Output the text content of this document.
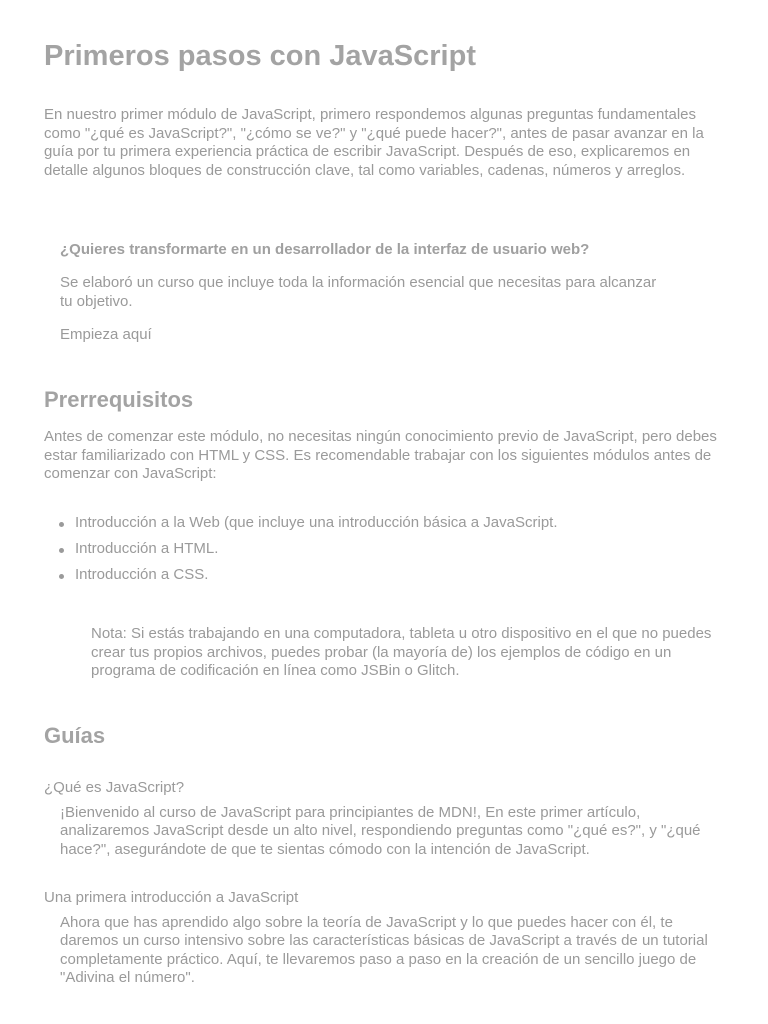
Primeros pasos con JavaScript

En nuestro primer módulo de JavaScript, primero respondemos algunas preguntas fundamentales como "¿qué es JavaScript?", "¿cómo se ve?" y "¿qué puede hacer?", antes de pasar avanzar en la guía por tu primera experiencia práctica de escribir JavaScript. Después de eso, explicaremos en detalle algunos bloques de construcción clave, tal como variables, cadenas, números y arreglos.

¿Quieres transformarte en un desarrollador de la interfaz de usuario web?

Se elaboró un curso que incluye toda la información esencial que necesitas para alcanzar tu objetivo.

Empieza aquí

Prerrequisitos

Antes de comenzar este módulo, no necesitas ningún conocimiento previo de JavaScript, pero debes estar familiarizado con HTML y CSS. Es recomendable trabajar con los siguientes módulos antes de comenzar con JavaScript:

Introducción a la Web (que incluye una introducción básica a JavaScript.
Introducción a HTML.
Introducción a CSS.

Nota: Si estás trabajando en una computadora, tableta u otro dispositivo en el que no puedes crear tus propios archivos, puedes probar (la mayoría de) los ejemplos de código en un programa de codificación en línea como JSBin o Glitch.

Guías
¿Qué es JavaScript?

¡Bienvenido al curso de JavaScript para principiantes de MDN!, En este primer artículo, analizaremos JavaScript desde un alto nivel, respondiendo preguntas como "¿qué es?", y "¿qué hace?", asegurándote de que te sientas cómodo con la intención de JavaScript.

Una primera introducción a JavaScript

Ahora que has aprendido algo sobre la teoría de JavaScript y lo que puedes hacer con él, te daremos un curso intensivo sobre las características básicas de JavaScript a través de un tutorial completamente práctico. Aquí, te llevaremos paso a paso en la creación de un sencillo juego de "Adivina el número".
